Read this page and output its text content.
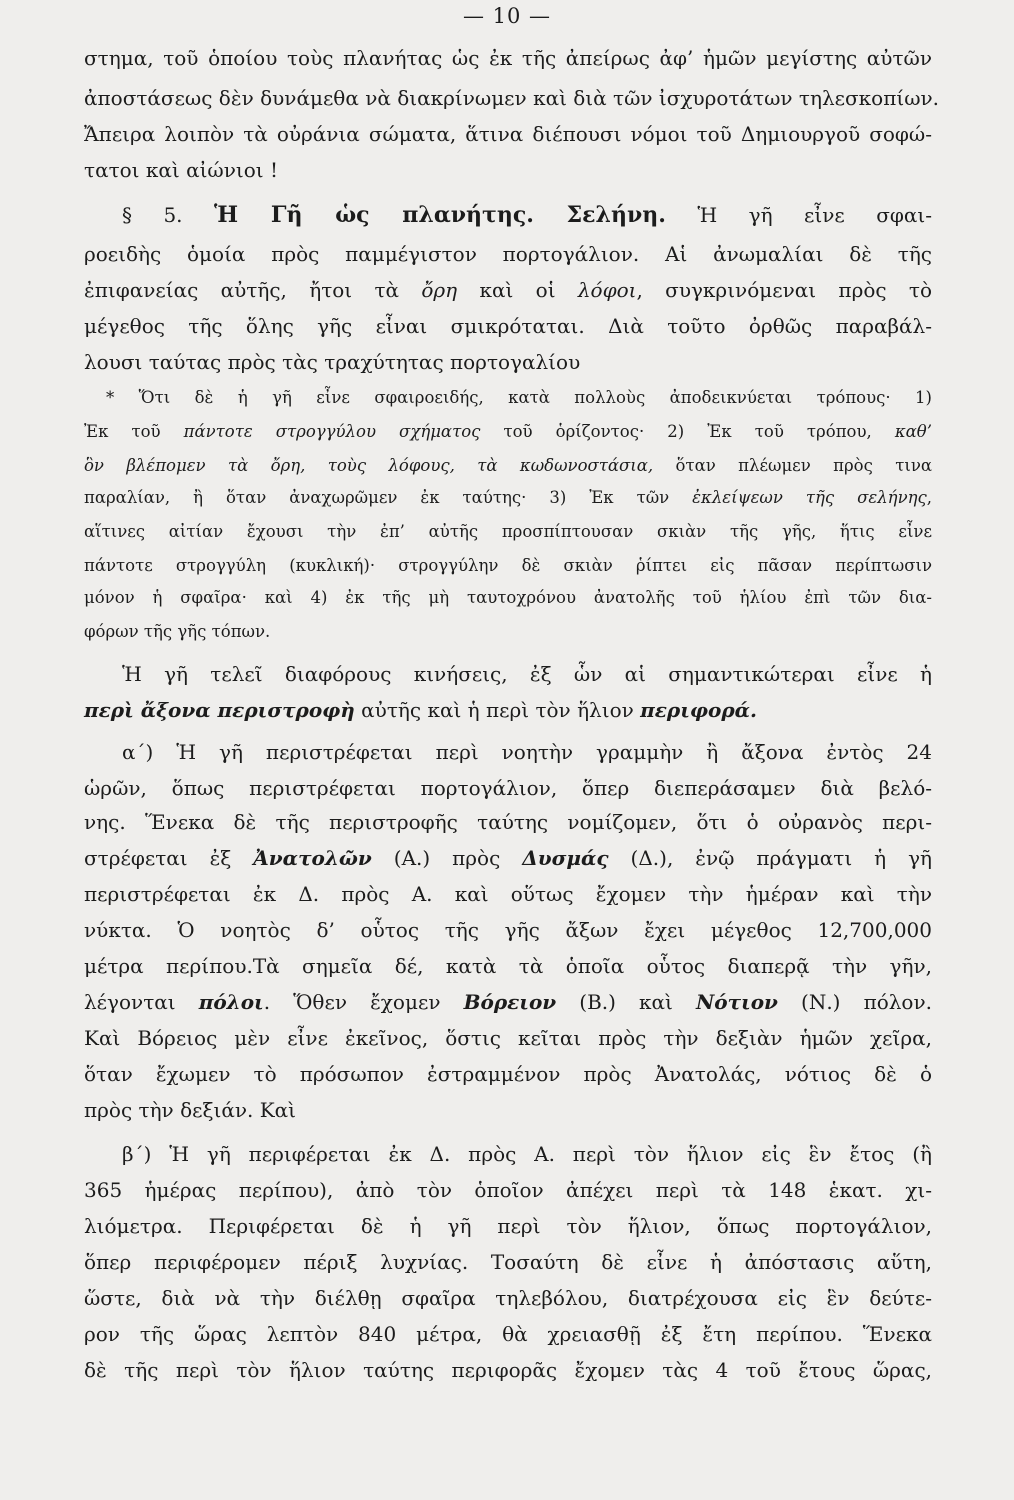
— 10 —
στημα, τοῦ ὁποίου τοὺς πλανήτας ὡς ἐκ τῆς ἀπείρως ἀφ’ ἡμῶν μεγίστης αὐτῶν
ἀποστάσεως δὲν δυνάμεθα νὰ διακρίνωμεν καὶ διὰ τῶν ἰσχυροτάτων τηλεσκοπίων.
Ἄπειρα λοιπὸν τὰ οὐράνια σώματα, ἅτινα διέπουσι νόμοι τοῦ Δημιουργοῦ σοφώ-
τατοι καὶ αἰώνιοι !
§ 5. Ἡ Γῆ ὡς πλανήτης. Σελήνη. Ἡ γῆ εἶνε σφαι-
ροειδὴς ὁμοία πρὸς παμμέγιστον πορτογάλιον. Αἱ ἀνωμαλίαι δὲ τῆς
ἐπιφανείας αὐτῆς, ἤτοι τὰ ὄρη καὶ οἱ λόφοι, συγκρινόμεναι πρὸς τὸ
μέγεθος τῆς ὅλης γῆς εἶναι σμικρόταται. Διὰ τοῦτο ὀρθῶς παραβάλ-
λουσι ταύτας πρὸς τὰς τραχύτητας πορτογαλίου
* Ὅτι δὲ ἡ γῆ εἶνε σφαιροειδής, κατὰ πολλοὺς ἀποδεικνύεται τρόπους· 1)
Ἐκ τοῦ πάντοτε στρογγύλου σχήματος τοῦ ὁρίζοντος· 2) Ἐκ τοῦ τρόπου, καθ’
ὃν βλέπομεν τὰ ὄρη, τοὺς λόφους, τὰ κωδωνοστάσια, ὅταν πλέωμεν πρὸς τινα
παραλίαν, ἢ ὅταν ἀναχωρῶμεν ἐκ ταύτης· 3) Ἐκ τῶν ἐκλείψεων τῆς σελήνης,
αἵτινες αἰτίαν ἔχουσι τὴν ἐπ’ αὐτῆς προσπίπτουσαν σκιὰν τῆς γῆς, ἥτις εἶνε
πάντοτε στρογγύλη (κυκλική)· στρογγύλην δὲ σκιὰν ῥίπτει εἰς πᾶσαν περίπτωσιν
μόνον ἡ σφαῖρα· καὶ 4) ἐκ τῆς μὴ ταυτοχρόνου ἀνατολῆς τοῦ ἡλίου ἐπὶ τῶν δια-
φόρων τῆς γῆς τόπων.
Ἡ γῆ τελεῖ διαφόρους κινήσεις, ἐξ ὧν αἱ σημαντικώτεραι εἶνε ἡ
περὶ ἄξονα περιστροφὴ αὐτῆς καὶ ἡ περὶ τὸν ἥλιον περιφορά.
α΄) Ἡ γῆ περιστρέφεται περὶ νοητὴν γραμμὴν ἢ ἄξονα ἐντὸς 24
ὡρῶν, ὅπως περιστρέφεται πορτογάλιον, ὅπερ διεπεράσαμεν διὰ βελό-
νης. Ἕνεκα δὲ τῆς περιστροφῆς ταύτης νομίζομεν, ὅτι ὁ οὐρανὸς περι-
στρέφεται ἐξ Ἀνατολῶν (Α.) πρὸς Δυσμάς (Δ.), ἐνῷ πράγματι ἡ γῆ
περιστρέφεται ἐκ Δ. πρὸς Α. καὶ οὕτως ἔχομεν τὴν ἡμέραν καὶ τὴν
νύκτα. Ὁ νοητὸς δ’ οὗτος τῆς γῆς ἄξων ἔχει μέγεθος 12,700,000
μέτρα περίπου.Τὰ σημεῖα δέ, κατὰ τὰ ὁποῖα οὗτος διαπερᾷ τὴν γῆν,
λέγονται πόλοι. Ὅθεν ἔχομεν Βόρειον (Β.) καὶ Νότιον (Ν.) πόλον.
Καὶ Βόρειος μὲν εἶνε ἐκεῖνος, ὅστις κεῖται πρὸς τὴν δεξιὰν ἡμῶν χεῖρα,
ὅταν ἔχωμεν τὸ πρόσωπον ἐστραμμένον πρὸς Ἀνατολάς, νότιος δὲ ὁ
πρὸς τὴν δεξιάν. Καὶ
β΄) Ἡ γῆ περιφέρεται ἐκ Δ. πρὸς Α. περὶ τὸν ἥλιον εἰς ἓν ἔτος (ἢ
365 ἡμέρας περίπου), ἀπὸ τὸν ὁποῖον ἀπέχει περὶ τὰ 148 ἑκατ. χι-
λιόμετρα. Περιφέρεται δὲ ἡ γῆ περὶ τὸν ἥλιον, ὅπως πορτογάλιον,
ὅπερ περιφέρομεν πέριξ λυχνίας. Τοσαύτη δὲ εἶνε ἡ ἀπόστασις αὕτη,
ὥστε, διὰ νὰ τὴν διέλθῃ σφαῖρα τηλεβόλου, διατρέχουσα εἰς ἓν δεύτε-
ρον τῆς ὥρας λεπτὸν 840 μέτρα, θὰ χρειασθῇ ἐξ ἔτη περίπου. Ἕνεκα
δὲ τῆς περὶ τὸν ἥλιον ταύτης περιφορᾶς ἔχομεν τὰς 4 τοῦ ἔτους ὥρας,
